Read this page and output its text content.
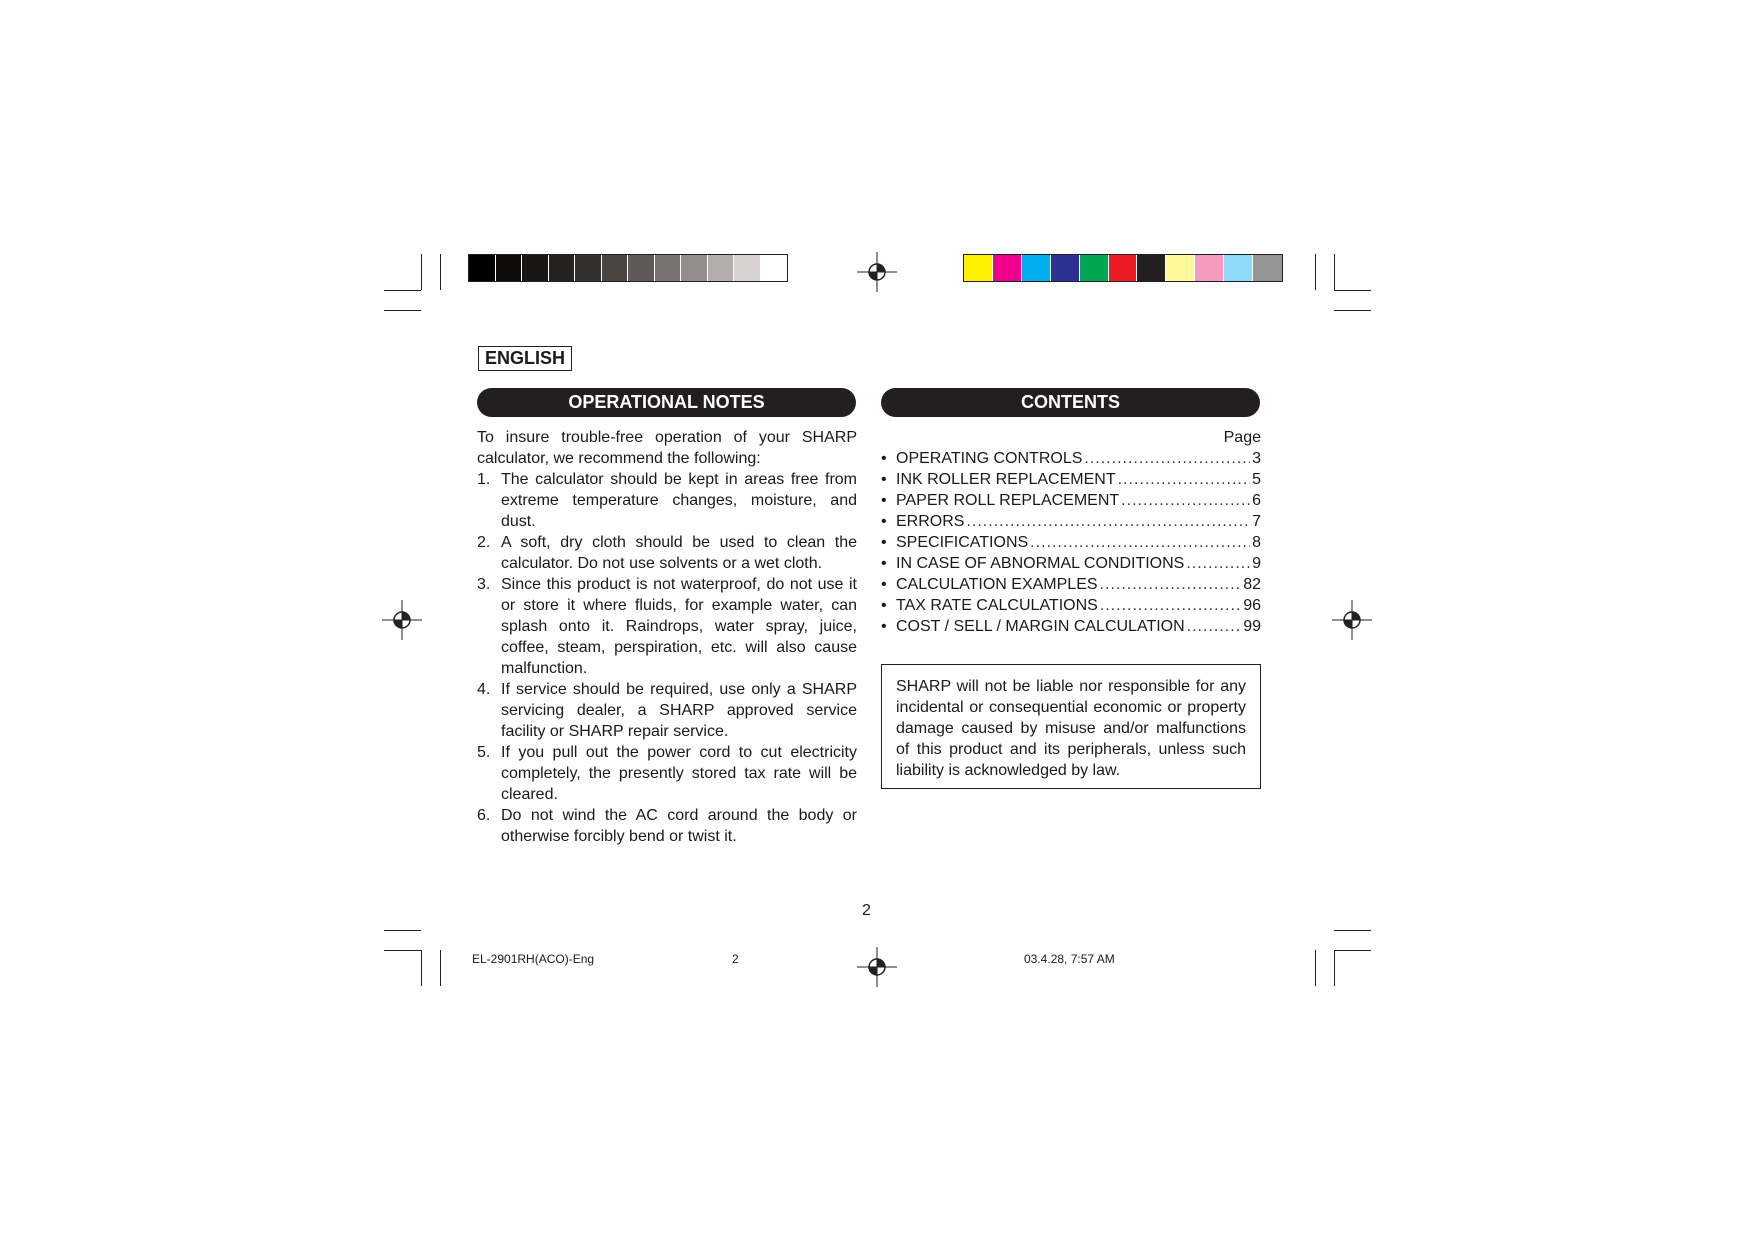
ENGLISH
OPERATIONAL NOTES	CONTENTS
To insure trouble-free operation of your SHARP calculator, we recommend the following:
1. The calculator should be kept in areas free from extreme temperature changes, moisture, and dust.
2. A soft, dry cloth should be used to clean the calculator. Do not use solvents or a wet cloth.
3. Since this product is not waterproof, do not use it or store it where fluids, for example water, can splash onto it. Raindrops, water spray, juice, coffee, steam, perspiration, etc. will also cause malfunction.
4. If service should be required, use only a SHARP servicing dealer, a SHARP approved service facility or SHARP repair service.
5. If you pull out the power cord to cut electricity completely, the presently stored tax rate will be cleared.
6. Do not wind the AC cord around the body or otherwise forcibly bend or twist it.
Page
• OPERATING CONTROLS .....	3
• INK ROLLER REPLACEMENT .....	5
• PAPER ROLL REPLACEMENT .....	6
• ERRORS .....	7
• SPECIFICATIONS .....	8
• IN CASE OF ABNORMAL CONDITIONS .....	9
• CALCULATION EXAMPLES .....	82
• TAX RATE CALCULATIONS .....	96
• COST / SELL / MARGIN CALCULATION .....	99
SHARP will not be liable nor responsible for any incidental or consequential economic or property damage caused by misuse and/or malfunctions of this product and its peripherals, unless such liability is acknowledged by law.
2
EL-2901RH(ACO)-Eng	2	03.4.28, 7:57 AM
